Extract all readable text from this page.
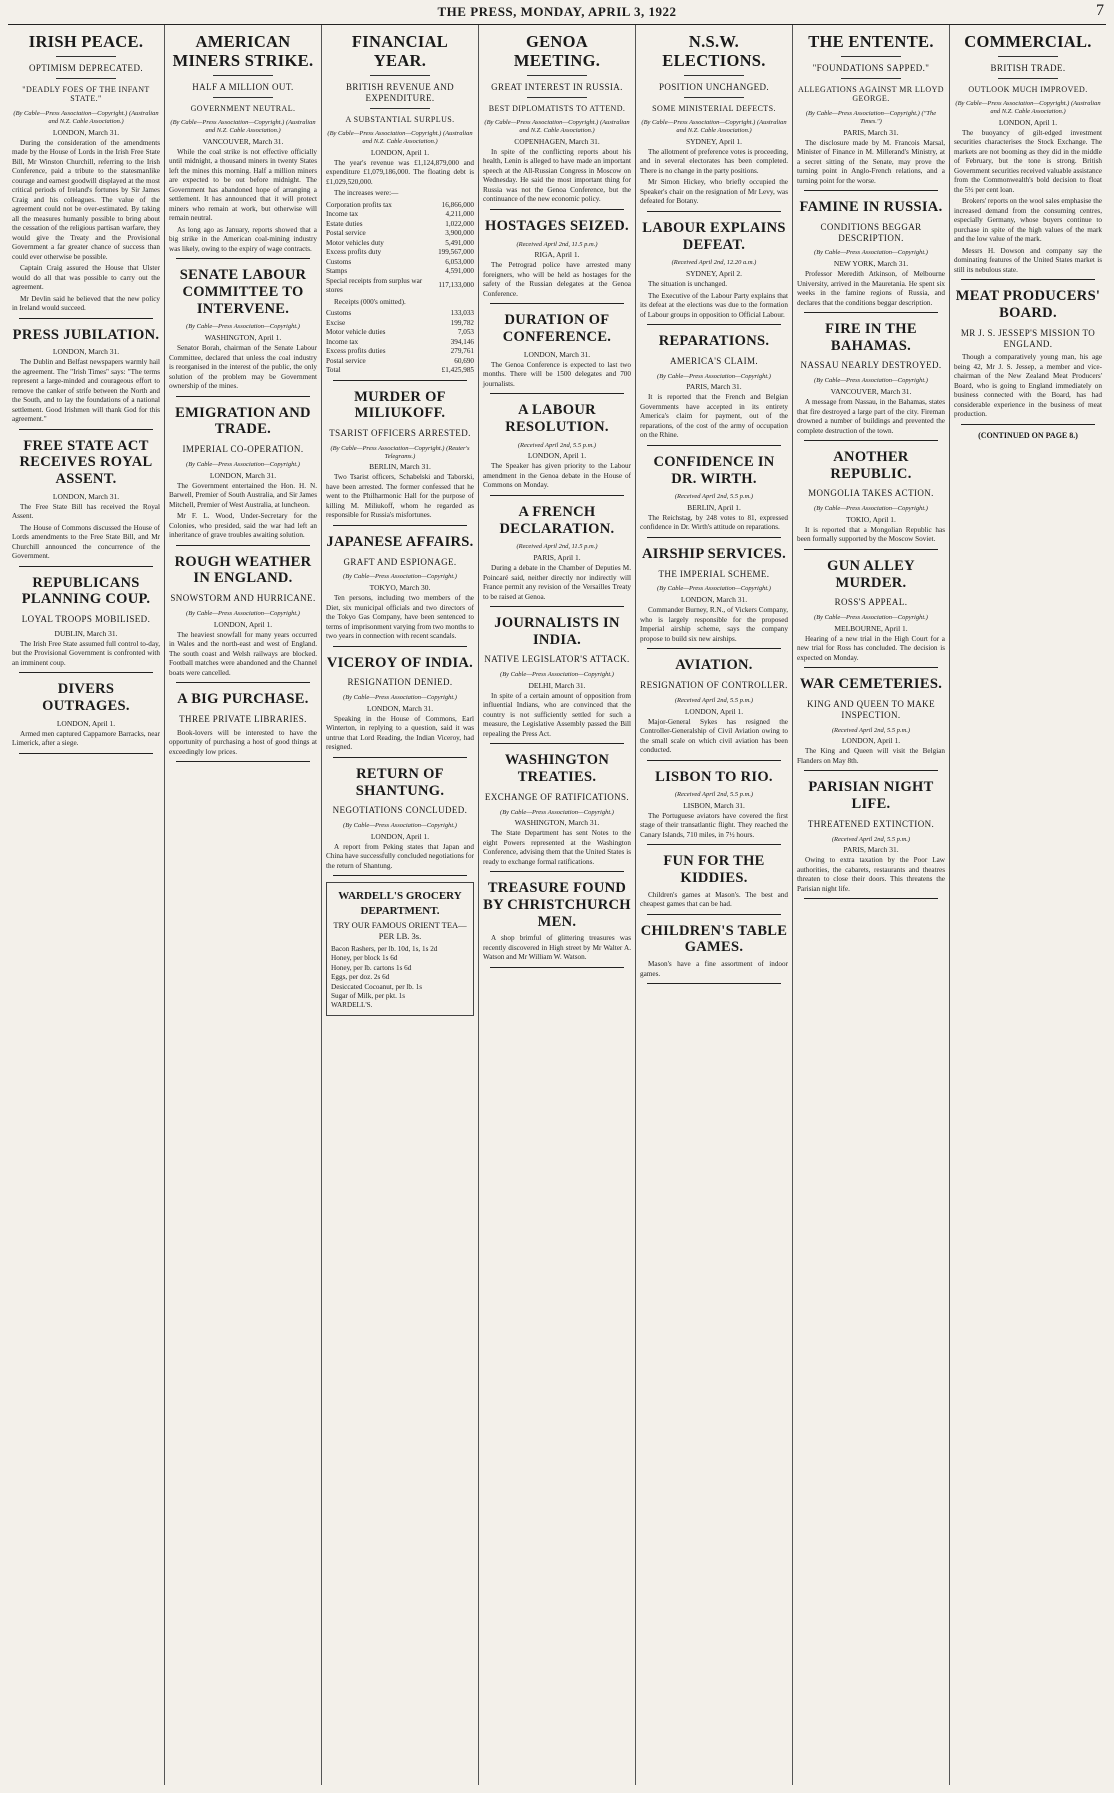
THE PRESS, MONDAY, APRIL 3, 1922	7
IRISH PEACE.
OPTIMISM DEPRECATED.
"DEADLY FOES OF THE INFANT STATE."
(By Cable—Press Association—Copyright.) (Australian and N.Z. Cable Association.)
LONDON, March 31.

During the consideration of the amendments made by the House of Lords in the Irish Free State Bill, Mr Winston Churchill, referring to the Irish Conference, paid a tribute to the statesmanlike courage and earnest goodwill displayed at the most critical periods of Ireland's fortunes by Sir James Craig and his colleagues. The value of the agreement could not be over-estimated. By taking all the measures humanly possible to bring about the cessation of the religious partisan warfare, they would give the Treaty and the Provisional Government a far greater chance of success than could ever otherwise be possible.

Captain Craig assured the House that Ulster would do all that was possible to carry out the agreement.

Mr Devlin said he believed that the new policy in Ireland would succeed.

PRESS JUBILATION.
LONDON, March 31.

The Dublin and Belfast newspapers warmly hail the agreement. The "Irish Times" says: "The terms represent a large-minded and courageous effort to remove the canker of strife between the North and the South, and to lay the foundations of a national settlement. Good Irishmen will thank God for this agreement."

FREE STATE ACT RECEIVES ROYAL ASSENT.
LONDON, March 31.

The Free State Bill has received the Royal Assent.

The House of Commons discussed the House of Lords amendments to the Free State Bill, and Mr Churchill announced the concurrence of the Government.

REPUBLICANS PLANNING COUP.
LOYAL TROOPS MOBILISED.
DUBLIN, March 31.

The Irish Free State assumed full control to-day, but the Provisional Government is confronted with an imminent coup.

DIVERS OUTRAGES.
LONDON, April 1.

Armed men captured Cappamore Barracks, near Limerick, after a siege.

AMERICAN MINERS STRIKE.
HALF A MILLION OUT.
GOVERNMENT NEUTRAL.
(By Cable—Press Association—Copyright.) (Australian and N.Z. Cable Association.)
VANCOUVER, March 31.

While the coal strike is not effective officially until midnight, a thousand miners in twenty States left the mines this morning. Half a million miners are expected to be out before midnight. The Government has abandoned hope of arranging a settlement. It has announced that it will protect miners who remain at work, but otherwise will remain neutral.

As long ago as January, reports showed that a big strike in the American coal-mining industry was likely, owing to the expiry of wage contracts.

SENATE LABOUR COMMITTEE TO INTERVENE.
(By Cable—Press Association—Copyright.)
WASHINGTON, April 1.

Senator Borah, chairman of the Senate Labour Committee, declared that unless the coal industry is reorganised in the interest of the public, the only solution of the problem may be Government ownership of the mines.

EMIGRATION AND TRADE.
IMPERIAL CO-OPERATION.
(By Cable—Press Association—Copyright.)
LONDON, March 31.

The Government entertained the Hon. H. N. Barwell, Premier of South Australia, and Sir James Mitchell, Premier of West Australia, at luncheon.

Mr F. L. Wood, Under-Secretary for the Colonies, who presided, said the war had left an inheritance of grave troubles awaiting solution.

ROUGH WEATHER IN ENGLAND.
SNOWSTORM AND HURRICANE.
(By Cable—Press Association—Copyright.)
LONDON, April 1.

The heaviest snowfall for many years occurred in Wales and the north-east and west of England. The south coast and Welsh railways are blocked. Football matches were abandoned and the Channel boats were cancelled.

A BIG PURCHASE.
THREE PRIVATE LIBRARIES.

Book-lovers will be interested to have the opportunity of purchasing a host of good things at exceedingly low prices.

FINANCIAL YEAR.
BRITISH REVENUE AND EXPENDITURE.
A SUBSTANTIAL SURPLUS.
(By Cable—Press Association—Copyright.) (Australian and N.Z. Cable Association.)
LONDON, April 1.

The year's revenue was £1,124,879,000 and expenditure £1,079,186,000. The floating debt is £1,029,520,000.

The increases were:—

Corporation profits tax	16,866,000
Income tax	4,211,000
Estate duties	1,022,000
Postal service	3,900,000
Motor vehicles duty	5,491,000
Excess profits duty	199,567,000
Customs	6,053,000
Stamps	4,591,000
Special receipts from surplus war stores	117,133,000

Receipts (000's omitted).

Customs	133,033
Excise	199,782
Motor vehicle duties	7,053
Income tax	394,146
Excess profits duties	279,761
Postal service	60,690
Total	£1,425,985
MURDER OF MILIUKOFF.
TSARIST OFFICERS ARRESTED.
(By Cable—Press Association—Copyright.) (Reuter's Telegrams.)
BERLIN, March 31.

Two Tsarist officers, Schabelski and Taborski, have been arrested. The former confessed that he went to the Philharmonic Hall for the purpose of killing M. Miliukoff, whom he regarded as responsible for Russia's misfortunes.

JAPANESE AFFAIRS.
GRAFT AND ESPIONAGE.
(By Cable—Press Association—Copyright.)
TOKYO, March 30.

Ten persons, including two members of the Diet, six municipal officials and two directors of the Tokyo Gas Company, have been sentenced to terms of imprisonment varying from two months to two years in connection with recent scandals.

VICEROY OF INDIA.
RESIGNATION DENIED.
(By Cable—Press Association—Copyright.)
LONDON, March 31.

Speaking in the House of Commons, Earl Winterton, in replying to a question, said it was untrue that Lord Reading, the Indian Viceroy, had resigned.

RETURN OF SHANTUNG.
NEGOTIATIONS CONCLUDED.
(By Cable—Press Association—Copyright.)
LONDON, April 1.

A report from Peking states that Japan and China have successfully concluded negotiations for the return of Shantung.

WARDELL'S GROCERY DEPARTMENT.
TRY OUR FAMOUS ORIENT TEA—PER LB. 3s.
Bacon Rashers, per lb. 10d, 1s, 1s 2d
Honey, per block 1s 6d
Honey, per lb. cartons 1s 6d
Eggs, per doz. 2s 6d
Desiccated Cocoanut, per lb. 1s
Sugar of Milk, per pkt. 1s
WARDELL'S.
GENOA MEETING.
GREAT INTEREST IN RUSSIA.
BEST DIPLOMATISTS TO ATTEND.
(By Cable—Press Association—Copyright.) (Australian and N.Z. Cable Association.)
COPENHAGEN, March 31.

In spite of the conflicting reports about his health, Lenin is alleged to have made an important speech at the All-Russian Congress in Moscow on Wednesday. He said the most important thing for Russia was not the Genoa Conference, but the continuance of the new economic policy.

HOSTAGES SEIZED.
(Received April 2nd, 11.5 p.m.)
RIGA, April 1.

The Petrograd police have arrested many foreigners, who will be held as hostages for the safety of the Russian delegates at the Genoa Conference.

DURATION OF CONFERENCE.
LONDON, March 31.

The Genoa Conference is expected to last two months. There will be 1500 delegates and 700 journalists.

A LABOUR RESOLUTION.
(Received April 2nd, 5.5 p.m.)
LONDON, April 1.

The Speaker has given priority to the Labour amendment in the Genoa debate in the House of Commons on Monday.

A FRENCH DECLARATION.
(Received April 2nd, 11.5 p.m.)
PARIS, April 1.

During a debate in the Chamber of Deputies M. Poincaré said, neither directly nor indirectly will France permit any revision of the Versailles Treaty to be raised at Genoa.

JOURNALISTS IN INDIA.
NATIVE LEGISLATOR'S ATTACK.
(By Cable—Press Association—Copyright.)
DELHI, March 31.

In spite of a certain amount of opposition from influential Indians, who are convinced that the country is not sufficiently settled for such a measure, the Legislative Assembly passed the Bill repealing the Press Act.

WASHINGTON TREATIES.
EXCHANGE OF RATIFICATIONS.
(By Cable—Press Association—Copyright.)
WASHINGTON, March 31.

The State Department has sent Notes to the eight Powers represented at the Washington Conference, advising them that the United States is ready to exchange formal ratifications.

TREASURE FOUND BY CHRISTCHURCH MEN.

A shop brimful of glittering treasures was recently discovered in High street by Mr Walter A. Watson and Mr William W. Watson.

N.S.W. ELECTIONS.
POSITION UNCHANGED.
SOME MINISTERIAL DEFECTS.
(By Cable—Press Association—Copyright.) (Australian and N.Z. Cable Association.)
SYDNEY, April 1.

The allotment of preference votes is proceeding, and in several electorates has been completed. There is no change in the party positions.

Mr Simon Hickey, who briefly occupied the Speaker's chair on the resignation of Mr Levy, was defeated for Botany.

LABOUR EXPLAINS DEFEAT.
(Received April 2nd, 12.20 a.m.)
SYDNEY, April 2.

The situation is unchanged.

The Executive of the Labour Party explains that its defeat at the elections was due to the formation of Labour groups in opposition to Official Labour.

REPARATIONS.
AMERICA'S CLAIM.
(By Cable—Press Association—Copyright.)
PARIS, March 31.

It is reported that the French and Belgian Governments have accepted in its entirety America's claim for payment, out of the reparations, of the cost of the army of occupation on the Rhine.

CONFIDENCE IN DR. WIRTH.
(Received April 2nd, 5.5 p.m.)
BERLIN, April 1.

The Reichstag, by 248 votes to 81, expressed confidence in Dr. Wirth's attitude on reparations.

AIRSHIP SERVICES.
THE IMPERIAL SCHEME.
(By Cable—Press Association—Copyright.)
LONDON, March 31.

Commander Burney, R.N., of Vickers Company, who is largely responsible for the proposed Imperial airship scheme, says the company propose to build six new airships.

AVIATION.
RESIGNATION OF CONTROLLER.
(Received April 2nd, 5.5 p.m.)
LONDON, April 1.

Major-General Sykes has resigned the Controller-Generalship of Civil Aviation owing to the small scale on which civil aviation has been conducted.

LISBON TO RIO.
(Received April 2nd, 5.5 p.m.)
LISBON, March 31.

The Portuguese aviators have covered the first stage of their transatlantic flight. They reached the Canary Islands, 710 miles, in 7½ hours.

FUN FOR THE KIDDIES.

Children's games at Mason's. The best and cheapest games that can be had.

CHILDREN'S TABLE GAMES.

Mason's have a fine assortment of indoor games.

THE ENTENTE.
"FOUNDATIONS SAPPED."
ALLEGATIONS AGAINST MR LLOYD GEORGE.
(By Cable—Press Association—Copyright.) ("The Times.")
PARIS, March 31.

The disclosure made by M. Francois Marsal, Minister of Finance in M. Millerand's Ministry, at a secret sitting of the Senate, may prove the turning point in Anglo-French relations, and a turning point for the worse.

FAMINE IN RUSSIA.
CONDITIONS BEGGAR DESCRIPTION.
(By Cable—Press Association—Copyright.)
NEW YORK, March 31.

Professor Meredith Atkinson, of Melbourne University, arrived in the Mauretania. He spent six weeks in the famine regions of Russia, and declares that the conditions beggar description.

FIRE IN THE BAHAMAS.
NASSAU NEARLY DESTROYED.
(By Cable—Press Association—Copyright.)
VANCOUVER, March 31.

A message from Nassau, in the Bahamas, states that fire destroyed a large part of the city. Fireman drowned a number of buildings and prevented the complete destruction of the town.

ANOTHER REPUBLIC.
MONGOLIA TAKES ACTION.
(By Cable—Press Association—Copyright.)
TOKIO, April 1.

It is reported that a Mongolian Republic has been formally supported by the Moscow Soviet.

GUN ALLEY MURDER.
ROSS'S APPEAL.
(By Cable—Press Association—Copyright.)
MELBOURNE, April 1.

Hearing of a new trial in the High Court for a new trial for Ross has concluded. The decision is expected on Monday.

WAR CEMETERIES.
KING AND QUEEN TO MAKE INSPECTION.
(Received April 2nd, 5.5 p.m.)
LONDON, April 1.

The King and Queen will visit the Belgian Flanders on May 8th.

PARISIAN NIGHT LIFE.
THREATENED EXTINCTION.
(Received April 2nd, 5.5 p.m.)
PARIS, March 31.

Owing to extra taxation by the Poor Law authorities, the cabarets, restaurants and theatres threaten to close their doors. This threatens the Parisian night life.

COMMERCIAL.
BRITISH TRADE.
OUTLOOK MUCH IMPROVED.
(By Cable—Press Association—Copyright.) (Australian and N.Z. Cable Association.)
LONDON, April 1.

The buoyancy of gilt-edged investment securities characterises the Stock Exchange. The markets are not booming as they did in the middle of February, but the tone is strong. British Government securities received valuable assistance from the Commonwealth's bold decision to float the 5½ per cent loan.

Brokers' reports on the wool sales emphasise the increased demand from the consuming centres, especially Germany, whose buyers continue to purchase in spite of the high values of the mark and the low value of the mark.

Messrs H. Dowson and company say the dominating features of the United States market is still its nebulous state.

MEAT PRODUCERS' BOARD.
MR J. S. JESSEP'S MISSION TO ENGLAND.

Though a comparatively young man, his age being 42, Mr J. S. Jessep, a member and vice-chairman of the New Zealand Meat Producers' Board, who is going to England immediately on business connected with the Board, has had considerable experience in the business of meat production.

(CONTINUED ON PAGE 8.)
